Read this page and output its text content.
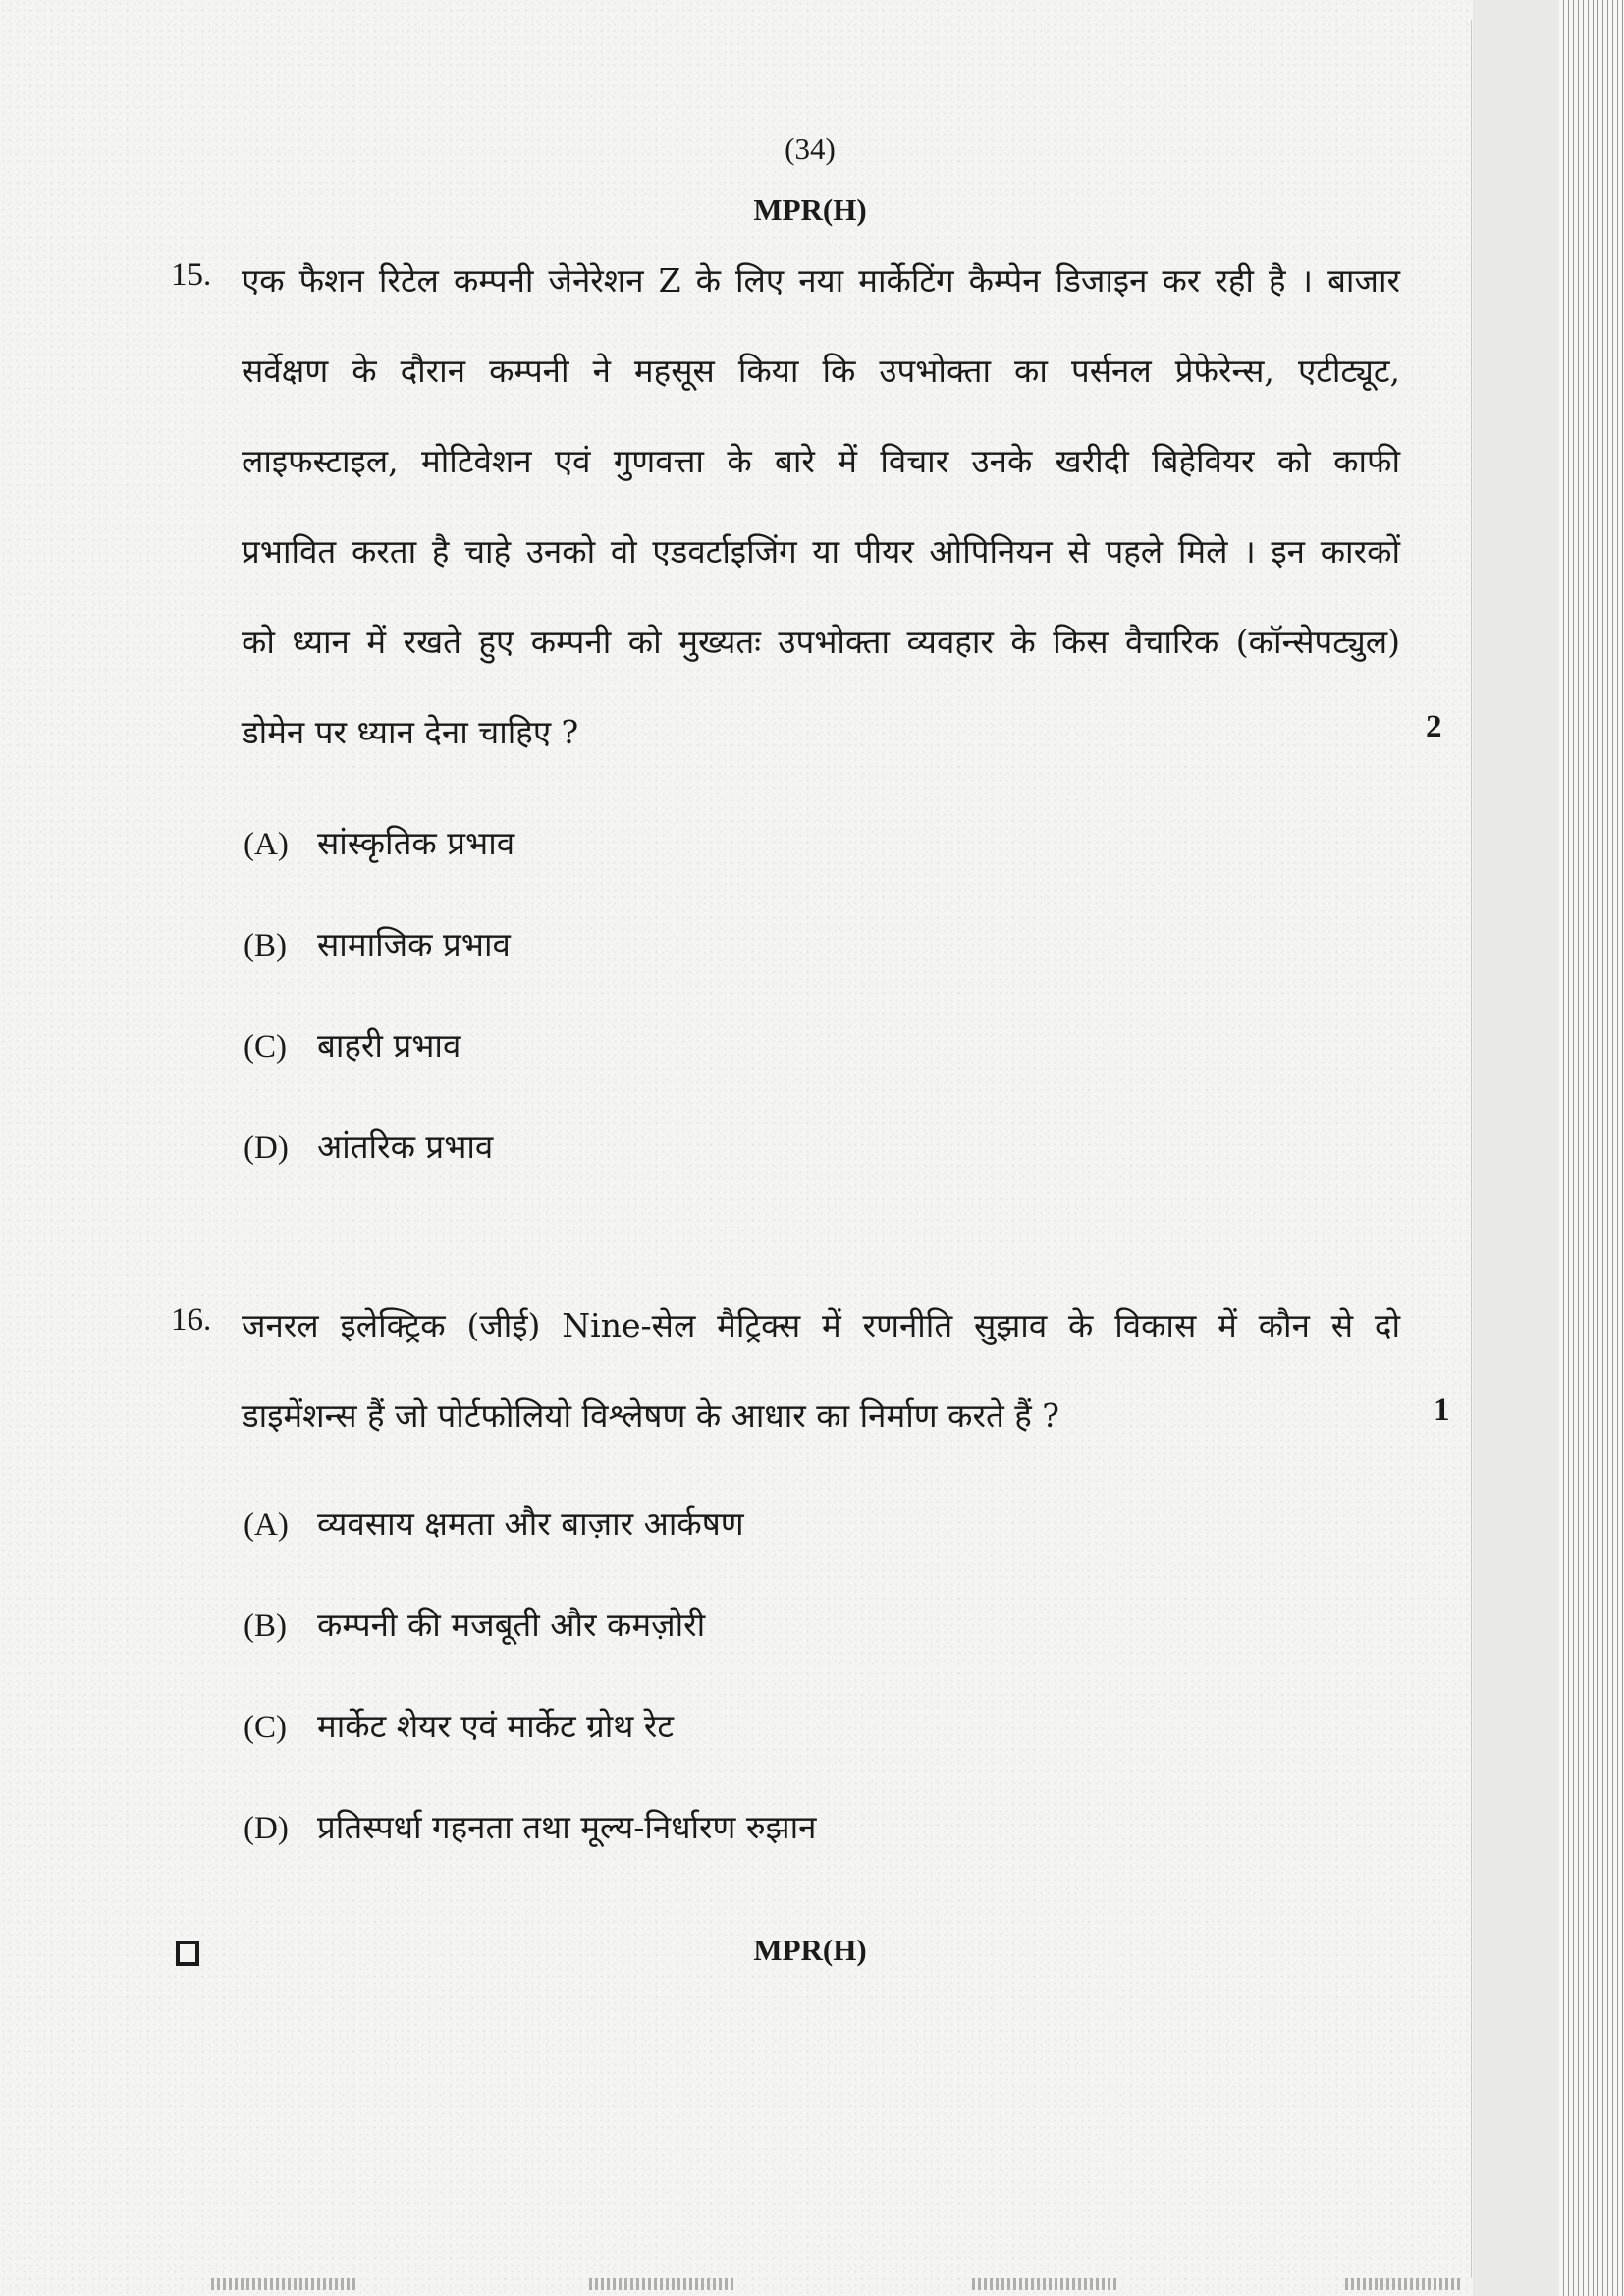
(34)
MPR(H)
15. एक फैशन रिटेल कम्पनी जेनेरेशन Z के लिए नया मार्केटिंग कैम्पेन डिजाइन कर रही है । बाजार
सर्वेक्षण के दौरान कम्पनी ने महसूस किया कि उपभोक्ता का पर्सनल प्रेफेरेन्स, एटीट्यूट,
लाइफस्टाइल, मोटिवेशन एवं गुणवत्ता के बारे में विचार उनके खरीदी बिहेवियर को काफी
प्रभावित करता है चाहे उनको वो एडवर्टाइजिंग या पीयर ओपिनियन से पहले मिले । इन कारकों
को ध्यान में रखते हुए कम्पनी को मुख्यतः उपभोक्ता व्यवहार के किस वैचारिक (कॉन्सेपट्युल)
डोमेन पर ध्यान देना चाहिए ?	2
(A) सांस्कृतिक प्रभाव
(B) सामाजिक प्रभाव
(C) बाहरी प्रभाव
(D) आंतरिक प्रभाव
16. जनरल इलेक्ट्रिक (जीई) Nine-सेल मैट्रिक्स में रणनीति सुझाव के विकास में कौन से दो
डाइमेंशन्स हैं जो पोर्टफोलियो विश्लेषण के आधार का निर्माण करते हैं ?	1
(A) व्यवसाय क्षमता और बाज़ार आर्कषण
(B) कम्पनी की मजबूती और कमज़ोरी
(C) मार्केट शेयर एवं मार्केट ग्रोथ रेट
(D) प्रतिस्पर्धा गहनता तथा मूल्य-निर्धारण रुझान
MPR(H)
